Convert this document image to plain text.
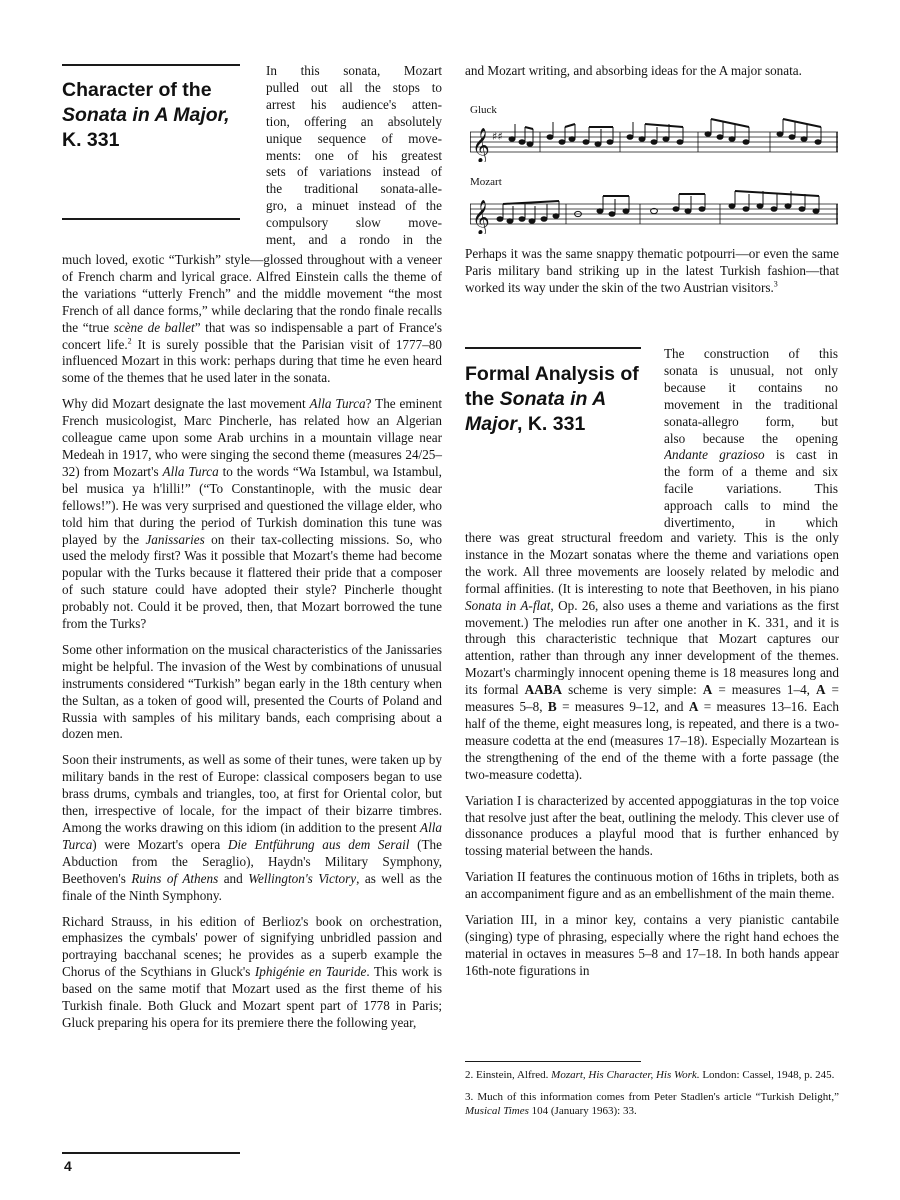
Character of the
Sonata in A Major,
K. 331
In this sonata, Mozart
pulled out all the stops to
arrest his audience's atten-
tion, offering an absolutely
unique sequence of move-
ments: one of his greatest
sets of variations instead of
the traditional sonata-alle-
gro, a minuet instead of the
compulsory slow move-
ment, and a rondo in the

much loved, exotic “Turkish” style—glossed throughout with a veneer of French charm and lyrical grace. Alfred Einstein calls the theme of the variations “utterly French” and the middle movement “the most French of all dance forms,” while declaring that the rondo finale recalls the “true scène de ballet” that was so indispensable a part of France's concert life.$^2$ It is surely possible that the Parisian visit of 1777–80 influenced Mozart in this work: perhaps during that time he even heard some of the themes that he used later in the sonata.

Why did Mozart designate the last movement Alla Turca? The eminent French musicologist, Marc Pincherle, has related how an Algerian colleague came upon some Arab urchins in a mountain village near Medeah in 1917, who were singing the second theme (measures 24/25–32) from Mozart's Alla Turca to the words “Wa Istambul, wa Istambul, bel musica ya h'lilli!” (“To Constantinople, with the music dear fellows!”). He was very surprised and questioned the village elder, who told him that during the period of Turkish domination this tune was played by the Janissaries on their tax-collecting missions. So, who used the melody first? Was it possible that Mozart's theme had become popular with the Turks because it flattered their pride that a composer of such stature could have adopted their style? Pincherle thought probably not. Could it be proved, then, that Mozart borrowed the tune from the Turks?

Some other information on the musical characteristics of the Janissaries might be helpful. The invasion of the West by combinations of unusual instruments considered “Turkish” began early in the 18th century when the Sultan, as a token of good will, presented the Courts of Poland and Russia with samples of his military bands, each comprising about a dozen men.

Soon their instruments, as well as some of their tunes, were taken up by military bands in the rest of Europe: classical composers began to use brass drums, cymbals and triangles, too, at first for Oriental color, but then, irrespective of locale, for the impact of their bizarre timbres. Among the works drawing on this idiom (in addition to the present Alla Turca) were Mozart's opera Die Entführung aus dem Serail (The Abduction from the Seraglio), Haydn's Military Symphony, Beethoven's Ruins of Athens and Wellington's Victory, as well as the finale of the Ninth Symphony.

Richard Strauss, in his edition of Berlioz's book on orchestration, emphasizes the cymbals' power of signifying unbridled passion and portraying bacchanal scenes; he provides as a superb example the Chorus of the Scythians in Gluck's Iphigénie en Tauride. This work is based on the same motif that Mozart used as the first theme of his Turkish finale. Both Gluck and Mozart spent part of 1778 in Paris; Gluck preparing his opera for its premiere there the following year,

and Mozart writing, and absorbing ideas for the A major sonata.

Gluck
𝄞 ♯♯
Mozart
𝄞

Perhaps it was the same snappy thematic potpourri—or even the same Paris military band striking up in the latest Turkish fashion—that worked its way under the skin of the two Austrian visitors.$^3$

Formal Analysis of
the Sonata in A
Major, K. 331
The construction of this
sonata is unusual, not only
because it contains no
movement in the traditional
sonata-allegro form, but
also because the opening
Andante grazioso is cast in
the form of a theme and six
facile variations. This
approach calls to mind the
divertimento, in which

there was great structural freedom and variety. This is the only instance in the Mozart sonatas where the theme and variations open the work. All three movements are loosely related by melodic and formal affinities. (It is interesting to note that Beethoven, in his piano Sonata in A-flat, Op. 26, also uses a theme and variations as the first movement.) The melodies run after one another in K. 331, and it is through this characteristic technique that Mozart captures our attention, rather than through any inner development of the themes. Mozart's charmingly innocent opening theme is 18 measures long and its formal AABA scheme is very simple: A = measures 1–4, A = measures 5–8, B = measures 9–12, and A = measures 13–16. Each half of the theme, eight measures long, is repeated, and there is a two-measure codetta at the end (measures 17–18). Especially Mozartean is the strengthening of the end of the theme with a forte passage (the two-measure codetta).

Variation I is characterized by accented appoggiaturas in the top voice that resolve just after the beat, outlining the melody. This clever use of dissonance produces a playful mood that is further enhanced by tossing material between the hands.

Variation II features the continuous motion of 16ths in triplets, both as an accompaniment figure and as an embellishment of the main theme.

Variation III, in a minor key, contains a very pianistic cantabile (singing) type of phrasing, especially where the right hand echoes the material in octaves in measures 5–8 and 17–18. In both hands appear 16th-note figurations in

2. Einstein, Alfred. Mozart, His Character, His Work. London: Cassel, 1948, p. 245.

3. Much of this information comes from Peter Stadlen's article “Turkish Delight,” Musical Times 104 (January 1963): 33.

4
